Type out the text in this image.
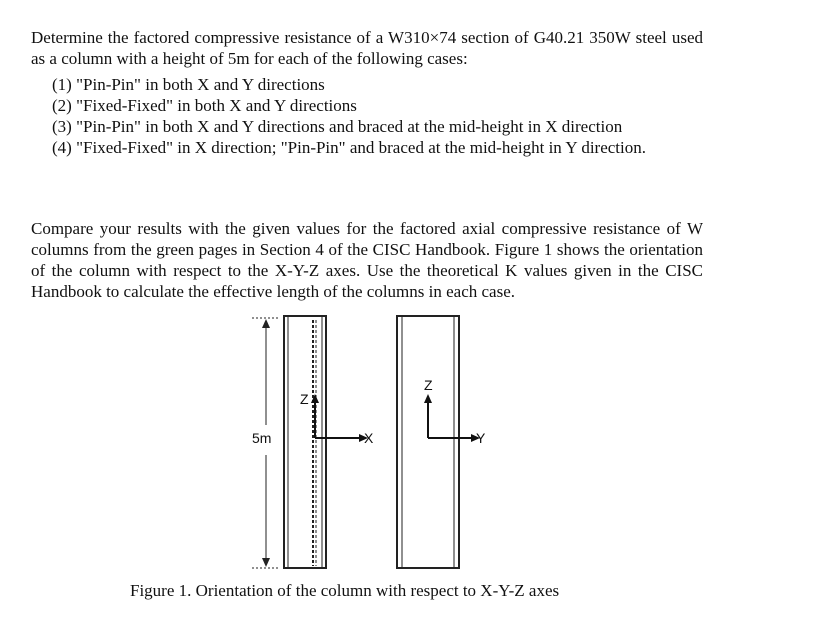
Determine the factored compressive resistance of a W310×74 section of G40.21 350W steel used as a column with a height of 5m for each of the following cases:

(1) "Pin-Pin" in both X and Y directions
(2) "Fixed-Fixed" in both X and Y directions
(3) "Pin-Pin" in both X and Y directions and braced at the mid-height in X direction
(4) "Fixed-Fixed" in X direction; "Pin-Pin" and braced at the mid-height in Y direction.

Compare your results with the given values for the factored axial compressive resistance of W columns from the green pages in Section 4 of the CISC Handbook. Figure 1 shows the orientation of the column with respect to the X-Y-Z axes. Use the theoretical K values given in the CISC Handbook to calculate the effective length of the columns in each case.

5m
Z
X
Z
Y
Figure 1. Orientation of the column with respect to X-Y-Z axes
